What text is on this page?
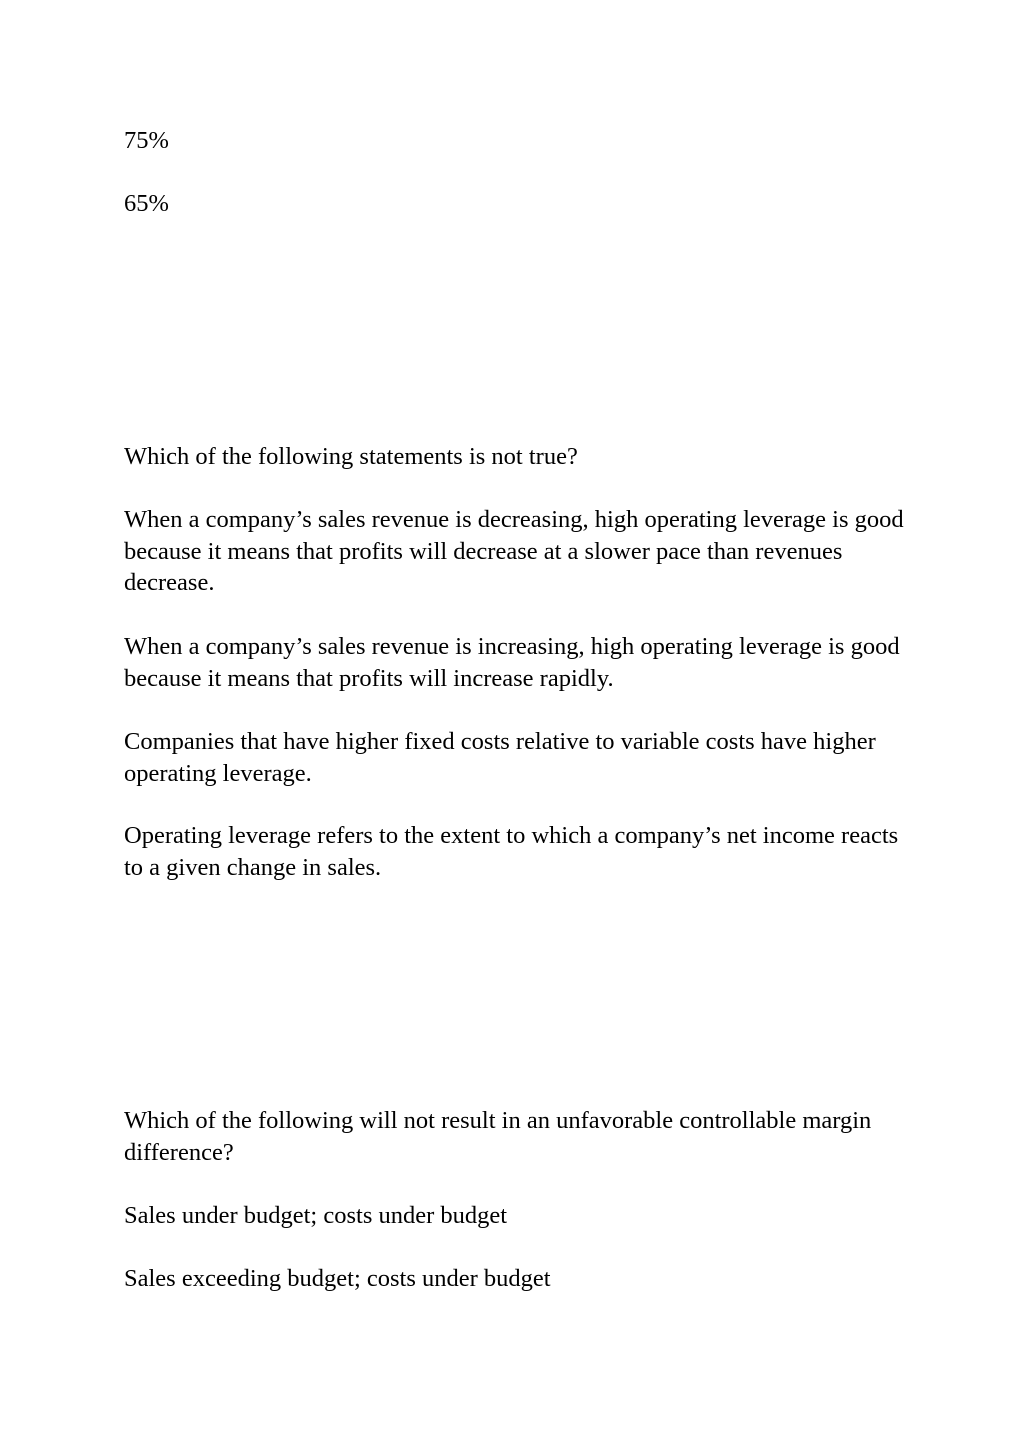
75%

65%

Which of the following statements is not true?

When a company’s sales revenue is decreasing, high operating leverage is good because it means that profits will decrease at a slower pace than revenues decrease.

When a company’s sales revenue is increasing, high operating leverage is good because it means that profits will increase rapidly.

Companies that have higher fixed costs relative to variable costs have higher operating leverage.

Operating leverage refers to the extent to which a company’s net income reacts to a given change in sales.

Which of the following will not result in an unfavorable controllable margin difference?

Sales under budget; costs under budget

Sales exceeding budget; costs under budget
